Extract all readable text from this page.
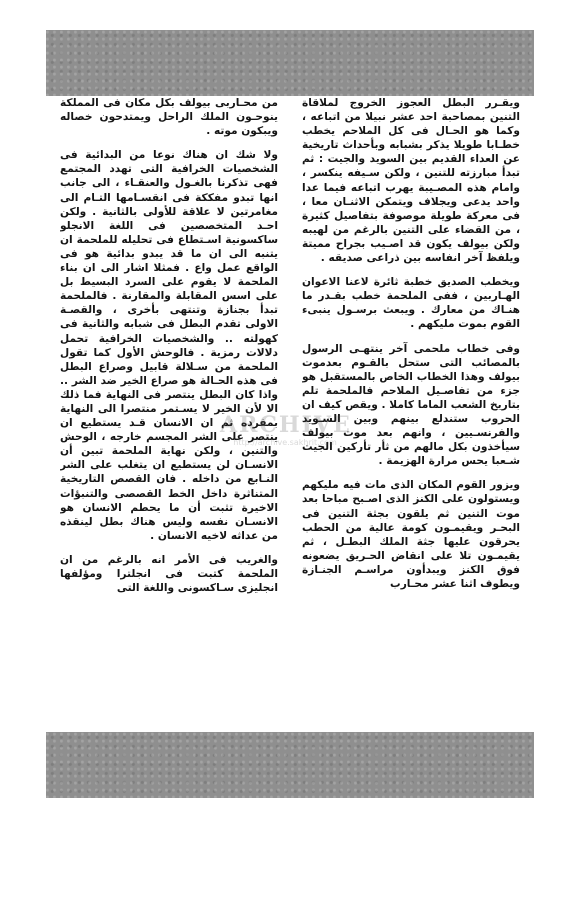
ويقـرر البطل العجوز الخروج لملاقاة التنين بمصاحبة احد عشر نبيلا من اتباعه ، وكما هو الحـال فى كل الملاحم يخطب خطـابا طويلا يذكر بشبابه وبأحداث تاريخية عن العداء القديم بين السويد والجيت : ثم تبدأ مبارزته للتنين ، ولكن سـيفه ينكسر ، وامام هذه المصـيبة يهرب اتباعه فيما عدا واحد يدعى ويجلاف ويتمكن الاثنـان معا ، فى معركة طويلة موصوفة بتفاصيل كثيرة ، من القضاء على التنين بالرغم من لهيبه ولكن بيولف يكون قد اصـيب بجراح مميتة ويلفظ آخر انفاسه بين ذراعى صديقه .

ويخطب الصديق خطبة ثائرة لاعنا الاعوان الهـاربين ، ففى الملحمة خطب بقـدر ما هنـاك من معارك . ويبعث برسـول ينبىء القوم بموت مليكهم .

وفى خطاب ملحمى آخر ينتهـى الرسول بالمصائب التى ستحل بالقـوم بعدموت بيولف وهذا الخطاب الخاص بالمستقبل هو جزء من تفاصـيل الملاحم فالملحمة تلم بتاريخ الشعب الماما كاملا . ويقص كيف ان الحروب ستندلع بينهم وبين السـويد والفرنسـيين ، وانهم بعد موت بيولف سيأخذون بكل مالهم من ثأر تأركين الجيت شـعبا يحس مرارة الهزيمة .

ويزور القوم المكان الذى مات فيه مليكهم ويستولون على الكنز الذى اصـبح مباحا بعد موت التنين ثم يلقون بجثة التنين فى البحـر ويقيمـون كومة عالية من الحطب يحرقون عليها جثة الملك البطـل ، ثم يقيمـون تلا على انقاض الحـريق يضعونه فوق الكنز ويبدأون مراسـم الجنـازة ويطوف اثنا عشر محـارب

من محـاربى بيولف بكل مكان فى المملكة ينوحـون الملك الراحل ويمتدحون خصاله ويبكون موته .

ولا شك ان هناك نوعا من البدائية فى الشخصيات الخرافية التى تهدد المجتمع فهى تذكرنا بالغـول والعنقـاء ، الى جانب انها تبدو مفككة فى انقسـامها التـام الى مغامرتين لا علاقة للأولى بالثانية . ولكن احـد المتخصصين فى اللغة الانجلو ساكسونية اسـتطاع فى تحليله للملحمة ان يتنبه الى ان ما قد يبدو بدائية هو فى الواقع عمل واع . فمثلا اشار الى ان بناء الملحمة لا يقوم على السرد البسيط بل على اسس المقابلة والمقارنة . فالملحمة تبدأ بجنازة وتنتهى بأخرى ، والقصـة الاولى تقدم البطل فى شبابه والثانية فى كهولته .. والشخصيات الخرافية تحمل دلالات رمزية . فالوحش الأول كما تقول الملحمة من سـلالة قابيل وصراع البطل فى هذه الحـالة هو صراع الخير ضد الشر .. واذا كان البطل ينتصر فى النهاية فما ذلك الا لأن الخير لا يسـتمر منتصرا الى النهاية بمفرده ثم ان الانسان قـد يستطيع ان ينتصر على الشر المجسم خارجه ، الوحش والتنين ، ولكن نهاية الملحمة تبين أن الانسـان لن يستطيع ان يتغلب على الشر النـابع من داخله . فان القصص التاريخية المتناثرة داخل الخط القصصى والتنبؤات الاخيرة تثبت أن ما يحطم الانسان هو الانسـان نفسه وليس هناك بطل لينقذه من عداثه لاخيه الانسان .

والغريب فى الأمر انه بالرغم من ان الملحمة كتبت فى انجلترا ومؤلفها انجليزى سـاكسونى واللغة التى

ARCHIVE
http://archive.sakhrit.com
